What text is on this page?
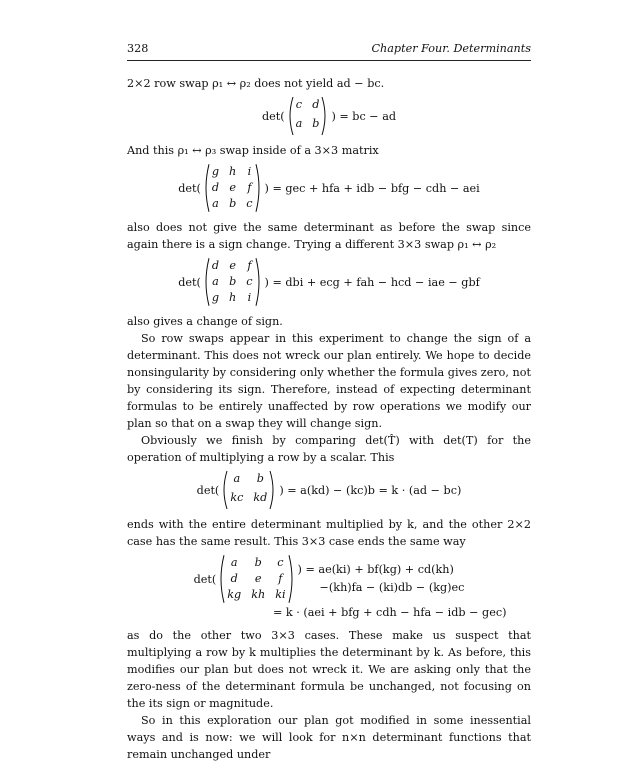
328	Chapter Four. Determinants

2×2 row swap ρ₁ ↔ ρ₂ does not yield ad − bc.

det(
c d
a b
) = bc − ad

And this ρ₁ ↔ ρ₃ swap inside of a 3×3 matrix

det(
g h i
d e f
a b c
) = gec + hfa + idb − bfg − cdh − aei

also does not give the same determinant as before the swap since again there is a sign change. Trying a different 3×3 swap ρ₁ ↔ ρ₂

det(
d e f
a b c
g h i
) = dbi + ecg + fah − hcd − iae − gbf

also gives a change of sign.

So row swaps appear in this experiment to change the sign of a determinant. This does not wreck our plan entirely. We hope to decide nonsingularity by considering only whether the formula gives zero, not by considering its sign. Therefore, instead of expecting determinant formulas to be entirely unaffected by row operations we modify our plan so that on a swap they will change sign.

Obviously we finish by comparing det(T̂) with det(T) for the operation of multiplying a row by a scalar. This

det(
a	b
kc kd
) = a(kd) − (kc)b = k · (ad − bc)

ends with the entire determinant multiplied by k, and the other 2×2 case has the same result. This 3×3 case ends the same way

det(
a	b	c
d	e	f
kg kh ki
) = ae(ki) + bf(kg) + cd(kh)
−(kh)fa − (ki)db − (kg)ec
= k · (aei + bfg + cdh − hfa − idb − gec)

as do the other two 3×3 cases. These make us suspect that multiplying a row by k multiplies the determinant by k. As before, this modifies our plan but does not wreck it. We are asking only that the zero-ness of the determinant formula be unchanged, not focusing on the its sign or magnitude.

So in this exploration our plan got modified in some inessential ways and is now: we will look for n×n determinant functions that remain unchanged under
